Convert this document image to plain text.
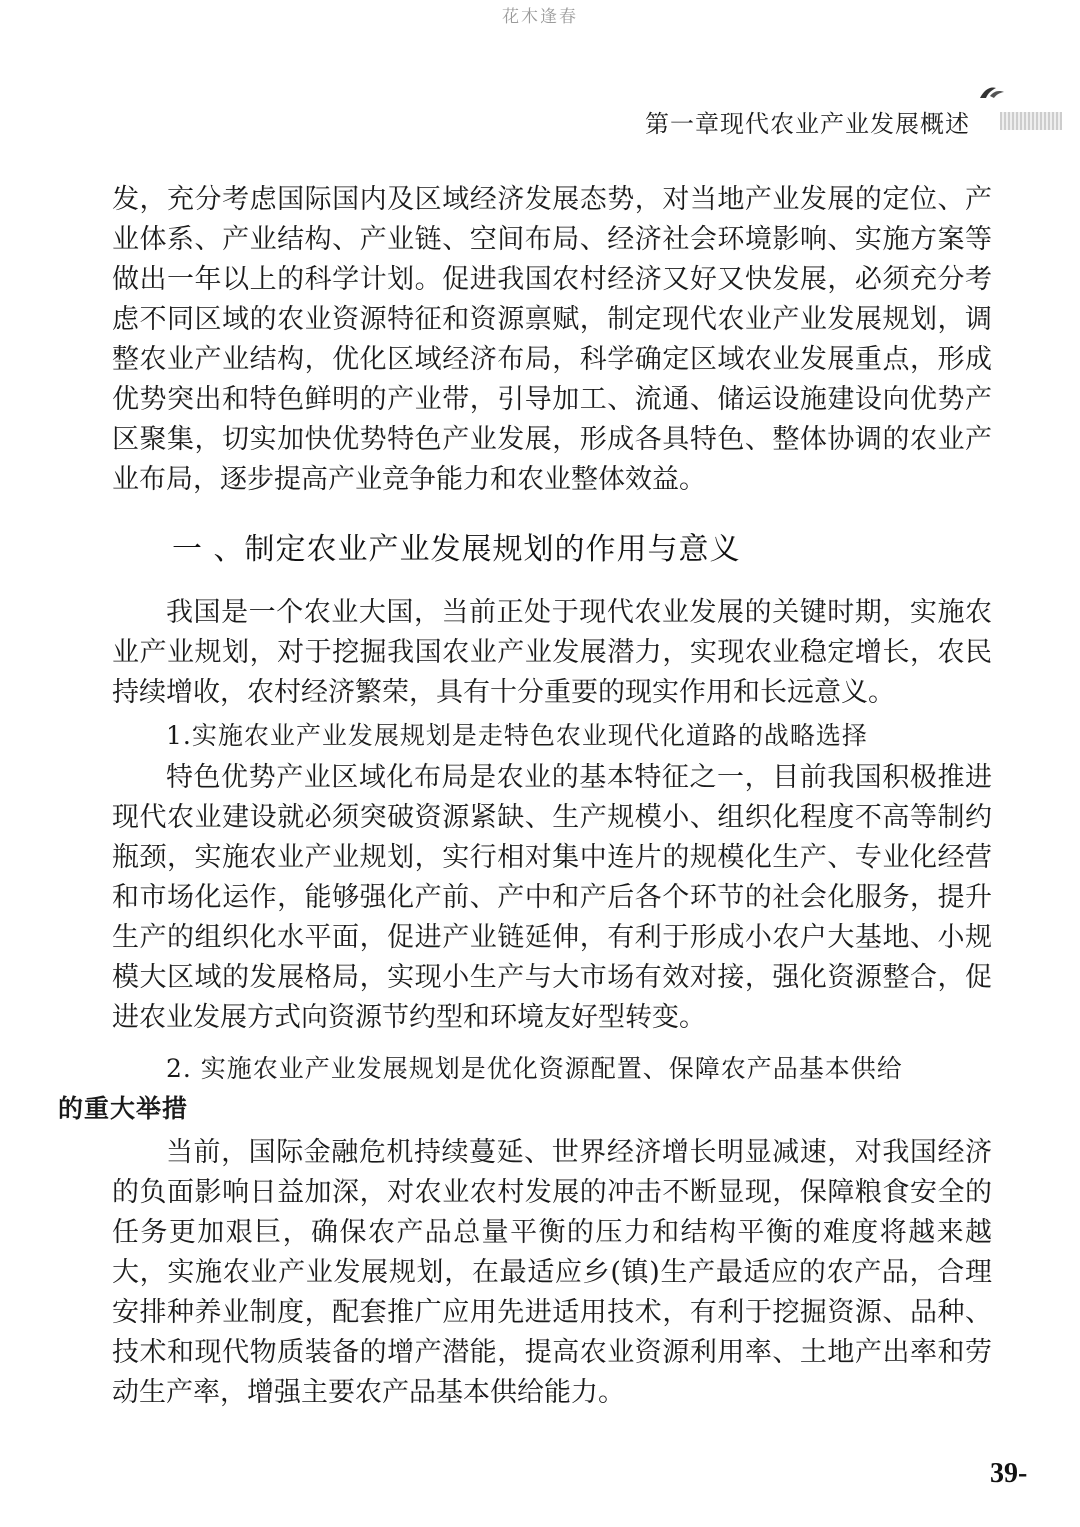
花木逢春
第一章现代农业产业发展概述

发，充分考虑国际国内及区域经济发展态势，对当地产业发展的定位、产业体系、产业结构、产业链、空间布局、经济社会环境影响、实施方案等做出一年以上的科学计划。促进我国农村经济又好又快发展，必须充分考虑不同区域的农业资源特征和资源禀赋，制定现代农业产业发展规划，调整农业产业结构，优化区域经济布局，科学确定区域农业发展重点，形成优势突出和特色鲜明的产业带，引导加工、流通、储运设施建设向优势产区聚集，切实加快优势特色产业发展，形成各具特色、整体协调的农业产业布局，逐步提高产业竞争能力和农业整体效益。

一 、制定农业产业发展规划的作用与意义

我国是一个农业大国，当前正处于现代农业发展的关键时期，实施农业产业规划，对于挖掘我国农业产业发展潜力，实现农业稳定增长，农民持续增收，农村经济繁荣，具有十分重要的现实作用和长远意义。

1.实施农业产业发展规划是走特色农业现代化道路的战略选择

特色优势产业区域化布局是农业的基本特征之一，目前我国积极推进现代农业建设就必须突破资源紧缺、生产规模小、组织化程度不高等制约瓶颈，实施农业产业规划，实行相对集中连片的规模化生产、专业化经营和市场化运作，能够强化产前、产中和产后各个环节的社会化服务，提升生产的组织化水平面，促进产业链延伸，有利于形成小农户大基地、小规模大区域的发展格局，实现小生产与大市场有效对接，强化资源整合，促进农业发展方式向资源节约型和环境友好型转变。

2. 实施农业产业发展规划是优化资源配置、保障农产品基本供给
的重大举措

当前，国际金融危机持续蔓延、世界经济增长明显减速，对我国经济的负面影响日益加深，对农业农村发展的冲击不断显现，保障粮食安全的任务更加艰巨，确保农产品总量平衡的压力和结构平衡的难度将越来越大，实施农业产业发展规划，在最适应乡(镇)生产最适应的农产品，合理安排种养业制度，配套推广应用先进适用技术，有利于挖掘资源、品种、技术和现代物质装备的增产潜能，提高农业资源利用率、土地产出率和劳动生产率，增强主要农产品基本供给能力。

39-
